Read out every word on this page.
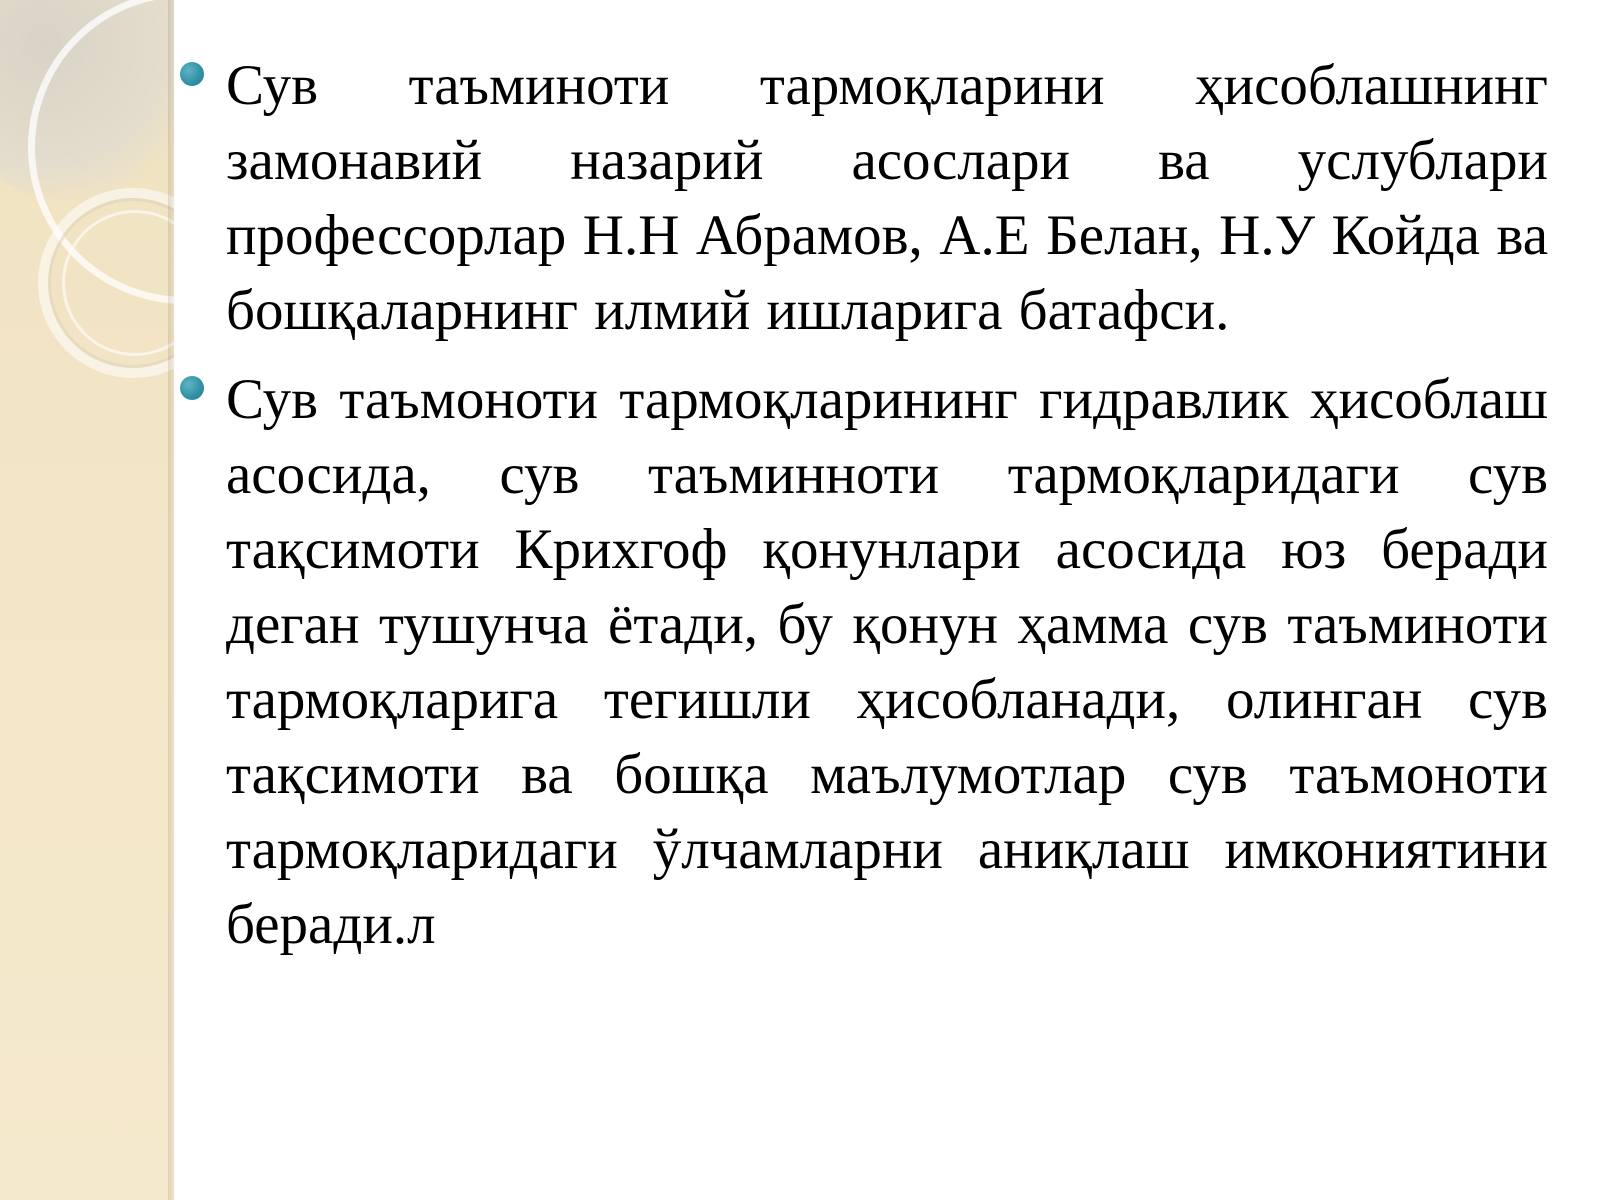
Сув таъминоти тармоқларини ҳисоблашнинг замонавий назарий асослари ва услублари профессорлар Н.Н Абрамов, А.Е Белан, Н.У Койда ва бошқаларнинг илмий ишларига батафси.

Сув таъмоноти тармоқларининг гидравлик ҳисоблаш асосида, сув таъминноти тармоқларидаги сув тақсимоти Крихгоф қонунлари асосида юз беради деган тушунча ётади, бу қонун ҳамма сув таъминоти тармоқларига тегишли ҳисобланади, олинган сув тақсимоти ва бошқа маълумотлар сув таъмоноти тармоқларидаги ўлчамларни аниқлаш имкониятини беради.л
